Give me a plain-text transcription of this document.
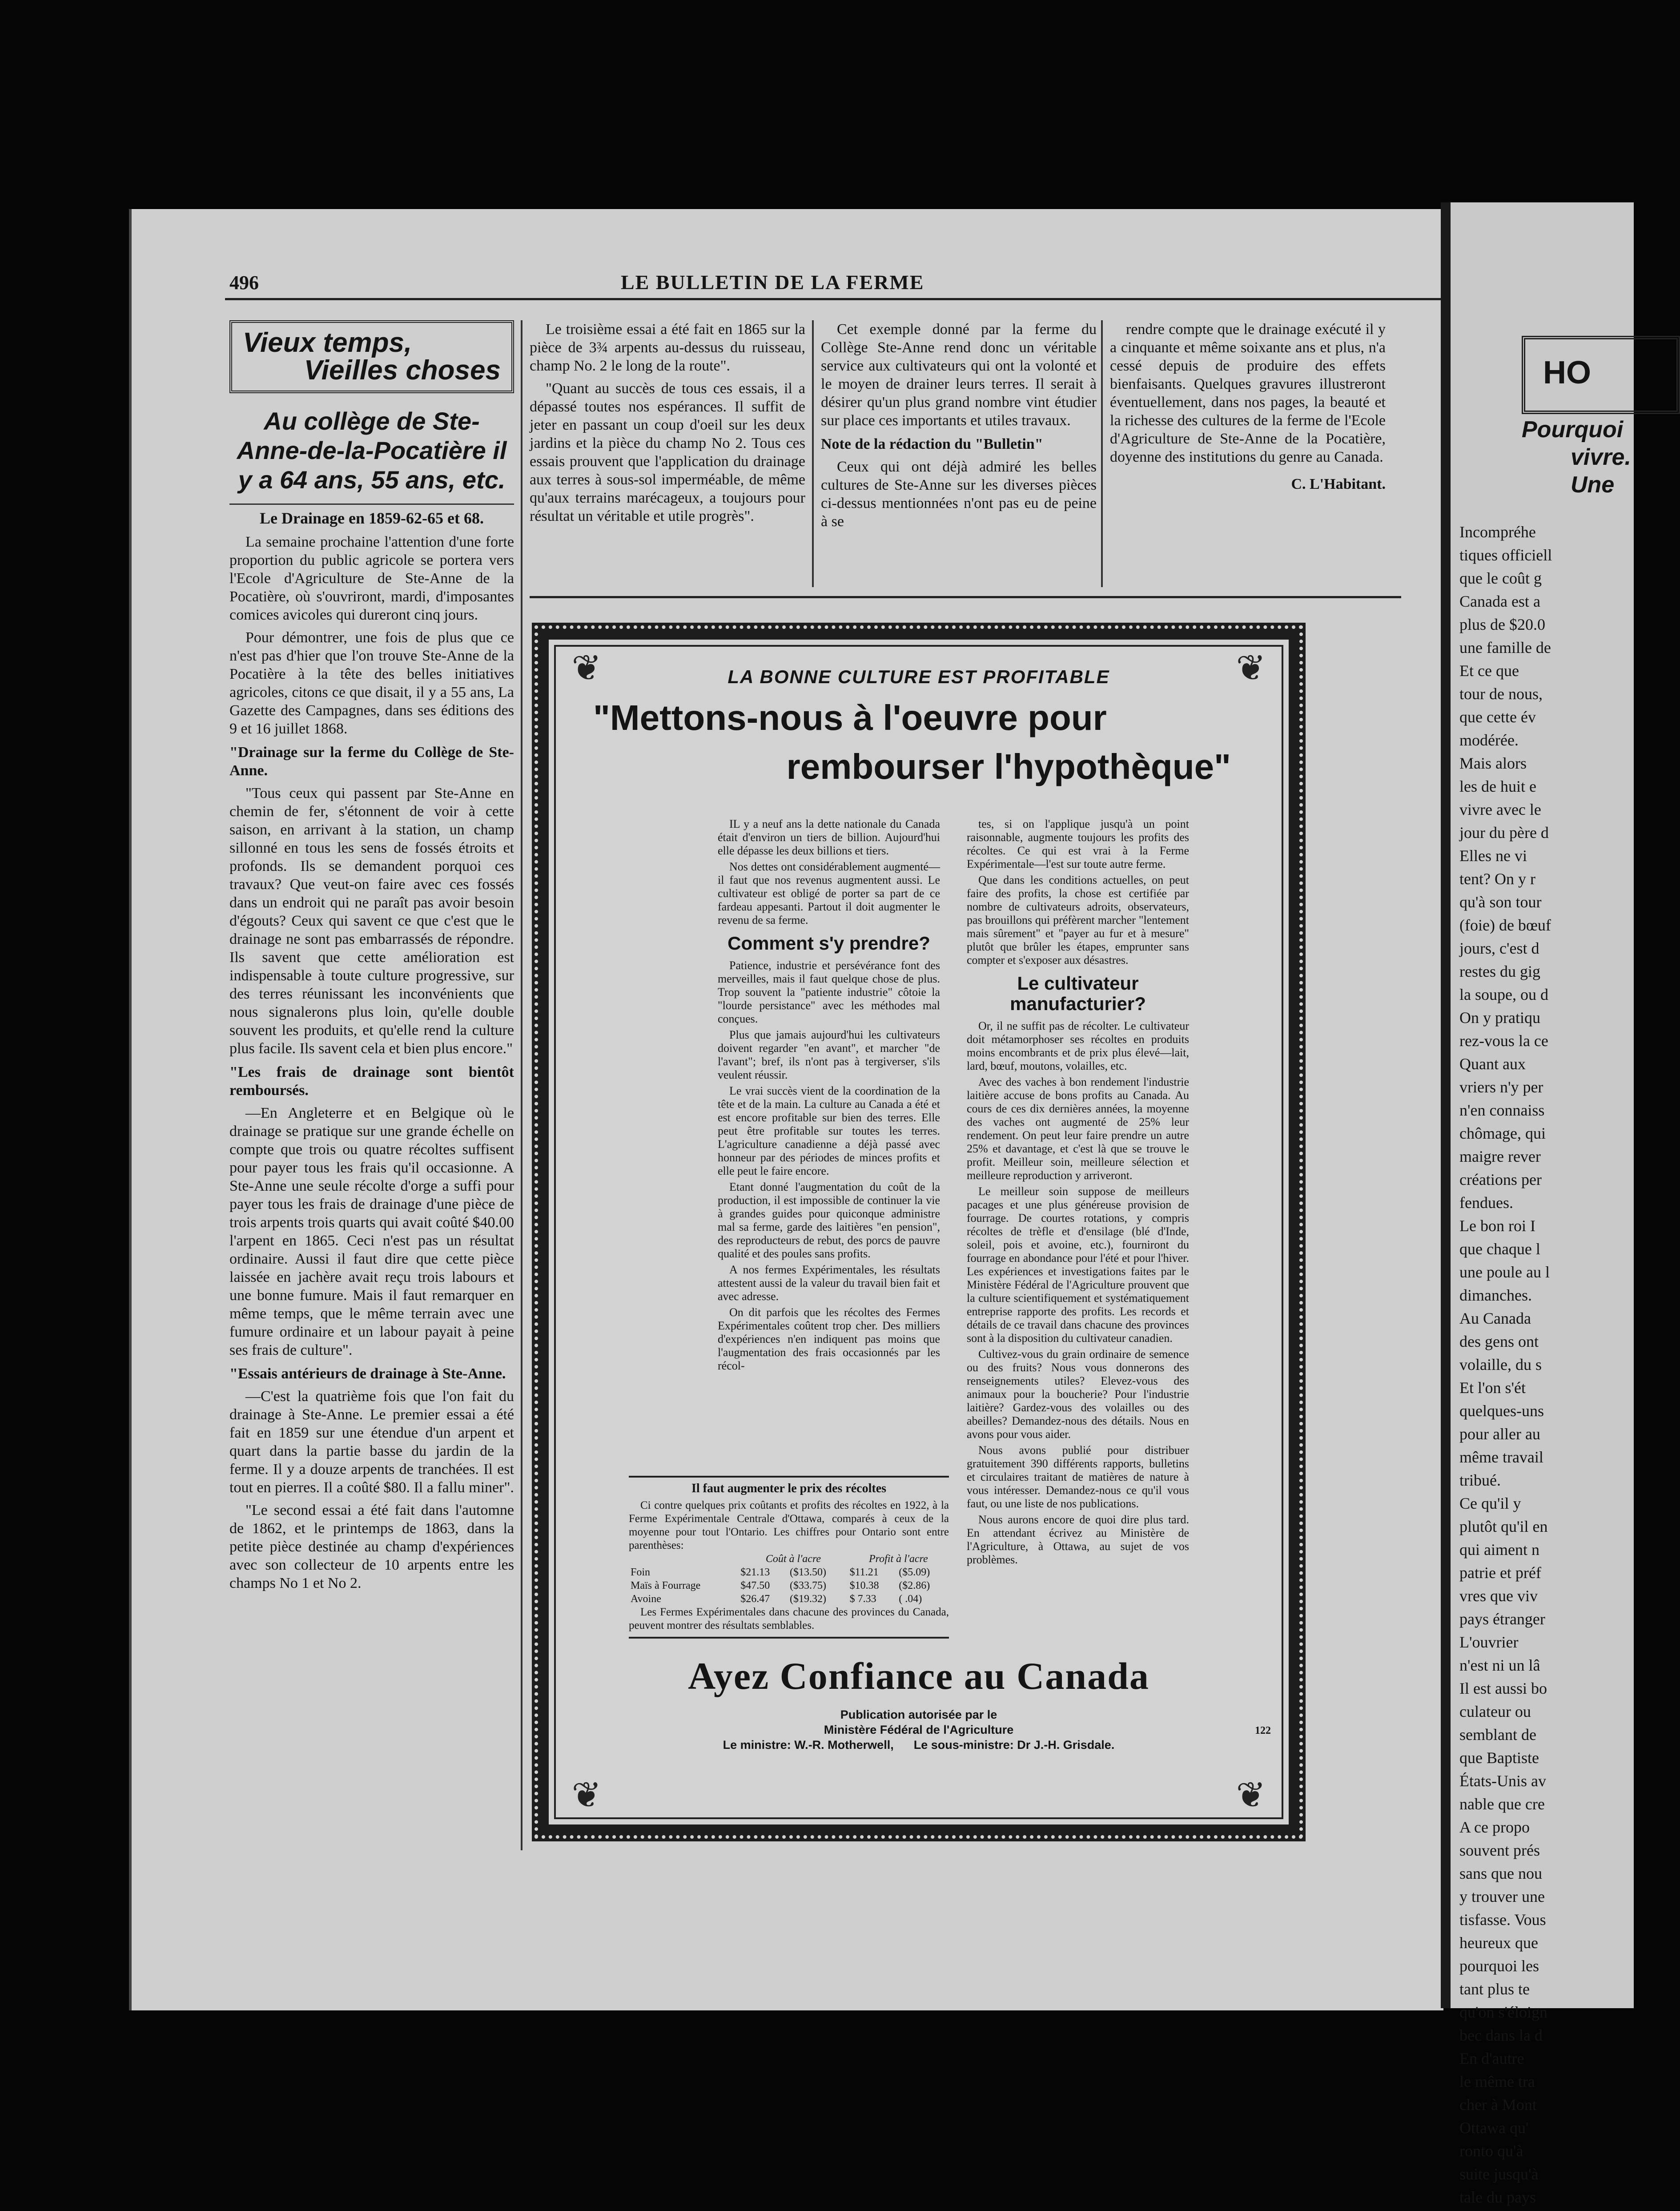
496	LE BULLETIN DE LA FERME
Vieux temps,
Vieilles choses
Au collège de Ste-Anne-de-la-Pocatière il y a 64 ans, 55 ans, etc.
Le Drainage en 1859-62-65 et 68.

La semaine prochaine l'attention d'une forte proportion du public agricole se portera vers l'Ecole d'Agriculture de Ste-Anne de la Pocatière, où s'ouvriront, mardi, d'imposantes comices avicoles qui dureront cinq jours.

Pour démontrer, une fois de plus que ce n'est pas d'hier que l'on trouve Ste-Anne de la Pocatière à la tête des belles initiatives agricoles, citons ce que disait, il y a 55 ans, La Gazette des Campagnes, dans ses éditions des 9 et 16 juillet 1868.

"Drainage sur la ferme du Collège de Ste-Anne.

"Tous ceux qui passent par Ste-Anne en chemin de fer, s'étonnent de voir à cette saison, en arrivant à la station, un champ sillonné en tous les sens de fossés étroits et profonds. Ils se demandent porquoi ces travaux? Que veut-on faire avec ces fossés dans un endroit qui ne paraît pas avoir besoin d'égouts? Ceux qui savent ce que c'est que le drainage ne sont pas embarrassés de répondre. Ils savent que cette amélioration est indispensable à toute culture progressive, sur des terres réunissant les inconvénients que nous signalerons plus loin, qu'elle double souvent les produits, et qu'elle rend la culture plus facile. Ils savent cela et bien plus encore."

"Les frais de drainage sont bientôt remboursés.

—En Angleterre et en Belgique où le drainage se pratique sur une grande échelle on compte que trois ou quatre récoltes suffisent pour payer tous les frais qu'il occasionne. A Ste-Anne une seule récolte d'orge a suffi pour payer tous les frais de drainage d'une pièce de trois arpents trois quarts qui avait coûté $40.00 l'arpent en 1865. Ceci n'est pas un résultat ordinaire. Aussi il faut dire que cette pièce laissée en jachère avait reçu trois labours et une bonne fumure. Mais il faut remarquer en même temps, que le même terrain avec une fumure ordinaire et un labour payait à peine ses frais de culture".

"Essais antérieurs de drainage à Ste-Anne.

—C'est la quatrième fois que l'on fait du drainage à Ste-Anne. Le premier essai a été fait en 1859 sur une étendue d'un arpent et quart dans la partie basse du jardin de la ferme. Il y a douze arpents de tranchées. Il est tout en pierres. Il a coûté $80. Il a fallu miner".

"Le second essai a été fait dans l'automne de 1862, et le printemps de 1863, dans la petite pièce destinée au champ d'expériences avec son collecteur de 10 arpents entre les champs No 1 et No 2.

Le troisième essai a été fait en 1865 sur la pièce de 3¾ arpents au-dessus du ruisseau, champ No. 2 le long de la route".

"Quant au succès de tous ces essais, il a dépassé toutes nos espérances. Il suffit de jeter en passant un coup d'oeil sur les deux jardins et la pièce du champ No 2. Tous ces essais prouvent que l'application du drainage aux terres à sous-sol imperméable, de même qu'aux terrains marécageux, a toujours pour résultat un véritable et utile progrès".

Cet exemple donné par la ferme du Collège Ste-Anne rend donc un véritable service aux cultivateurs qui ont la volonté et le moyen de drainer leurs terres. Il serait à désirer qu'un plus grand nombre vint étudier sur place ces importants et utiles travaux.

Note de la rédaction du "Bulletin"

Ceux qui ont déjà admiré les belles cultures de Ste-Anne sur les diverses pièces ci-dessus mentionnées n'ont pas eu de peine à se

rendre compte que le drainage exécuté il y a cinquante et même soixante ans et plus, n'a cessé depuis de produire des effets bienfaisants. Quelques gravures illustreront éventuellement, dans nos pages, la beauté et la richesse des cultures de la ferme de l'Ecole d'Agriculture de Ste-Anne de la Pocatière, doyenne des institutions du genre au Canada.

C. L'Habitant.
❦	❦
❦	❦
LA BONNE CULTURE EST PROFITABLE
"Mettons-nous à l'oeuvre pour
rembourser l'hypothèque"

IL y a neuf ans la dette nationale du Canada était d'environ un tiers de billion. Aujourd'hui elle dépasse les deux billions et tiers.

Nos dettes ont considérablement augmenté—il faut que nos revenus augmentent aussi. Le cultivateur est obligé de porter sa part de ce fardeau appesanti. Partout il doit augmenter le revenu de sa ferme.

Comment s'y prendre?

Patience, industrie et persévérance font des merveilles, mais il faut quelque chose de plus. Trop souvent la "patiente industrie" côtoie la "lourde persistance" avec les méthodes mal conçues.

Plus que jamais aujourd'hui les cultivateurs doivent regarder "en avant", et marcher "de l'avant"; bref, ils n'ont pas à tergiverser, s'ils veulent réussir.

Le vrai succès vient de la coordination de la tête et de la main. La culture au Canada a été et est encore profitable sur bien des terres. Elle peut être profitable sur toutes les terres. L'agriculture canadienne a déjà passé avec honneur par des périodes de minces profits et elle peut le faire encore.

Etant donné l'augmentation du coût de la production, il est impossible de continuer la vie à grandes guides pour quiconque administre mal sa ferme, garde des laitières "en pension", des reproducteurs de rebut, des porcs de pauvre qualité et des poules sans profits.

A nos fermes Expérimentales, les résultats attestent aussi de la valeur du travail bien fait et avec adresse.

On dit parfois que les récoltes des Fermes Expérimentales coûtent trop cher. Des milliers d'expériences n'en indiquent pas moins que l'augmentation des frais occasionnés par les récol-

tes, si on l'applique jusqu'à un point raisonnable, augmente toujours les profits des récoltes. Ce qui est vrai à la Ferme Expérimentale—l'est sur toute autre ferme.

Que dans les conditions actuelles, on peut faire des profits, la chose est certifiée par nombre de cultivateurs adroits, observateurs, pas brouillons qui préfèrent marcher "lentement mais sûrement" et "payer au fur et à mesure" plutôt que brûler les étapes, emprunter sans compter et s'exposer aux désastres.

Le cultivateur manufacturier?

Or, il ne suffit pas de récolter. Le cultivateur doit métamorphoser ses récoltes en produits moins encombrants et de prix plus élevé—lait, lard, bœuf, moutons, volailles, etc.

Avec des vaches à bon rendement l'industrie laitière accuse de bons profits au Canada. Au cours de ces dix dernières années, la moyenne des vaches ont augmenté de 25% leur rendement. On peut leur faire prendre un autre 25% et davantage, et c'est là que se trouve le profit. Meilleur soin, meilleure sélection et meilleure reproduction y arriveront.

Le meilleur soin suppose de meilleurs pacages et une plus généreuse provision de fourrage. De courtes rotations, y compris récoltes de trèfle et d'ensilage (blé d'Inde, soleil, pois et avoine, etc.), fourniront du fourrage en abondance pour l'été et pour l'hiver. Les expériences et investigations faites par le Ministère Fédéral de l'Agriculture prouvent que la culture scientifiquement et systématiquement entreprise rapporte des profits. Les records et détails de ce travail dans chacune des provinces sont à la disposition du cultivateur canadien.

Cultivez-vous du grain ordinaire de semence ou des fruits? Nous vous donnerons des renseignements utiles? Elevez-vous des animaux pour la boucherie? Pour l'industrie laitière? Gardez-vous des volailles ou des abeilles? Demandez-nous des détails. Nous en avons pour vous aider.

Nous avons publié pour distribuer gratuitement 390 différents rapports, bulletins et circulaires traitant de matières de nature à vous intéresser. Demandez-nous ce qu'il vous faut, ou une liste de nos publications.

Nous aurons encore de quoi dire plus tard. En attendant écrivez au Ministère de l'Agriculture, à Ottawa, au sujet de vos problèmes.

Il faut augmenter le prix des récoltes
Ci contre quelques prix coûtants et profits des récoltes en 1922, à la Ferme Expérimentale Centrale d'Ottawa, comparés à ceux de la moyenne pour tout l'Ontario. Les chiffres pour Ontario sont entre parenthèses:
	Coût à l'acre		Profit à l'acre	
Foin	$21.13	($13.50)	$11.21	($5.09)
Maïs à Fourrage	$47.50	($33.75)	$10.38	($2.86)
Avoine	$26.47	($19.32)	$ 7.33	( .04)
Les Fermes Expérimentales dans chacune des provinces du Canada, peuvent montrer des résultats semblables.
Ayez Confiance au Canada
Publication autorisée par le
Ministère Fédéral de l'Agriculture
Le ministre: W.-R. Motherwell,      Le sous-ministre: Dr J.-H. Grisdale.
122
HO
Pourquoi
vivre.
Une

Incompréhe

tiques officiell

que le coût g

Canada est a

plus de $20.0

une famille de

Et ce que

tour de nous,

que cette év

modérée.

Mais alors

les de huit e

vivre avec le

jour du père d

Elles ne vi

tent? On y r

qu'à son tour

(foie) de bœuf

jours, c'est d

restes du gig

la soupe, ou d

On y pratiqu

rez-vous la ce

Quant aux

vriers n'y per

n'en connaiss

chômage, qui

maigre rever

créations per

fendues.

Le bon roi I

que chaque l

une poule au l

dimanches.

Au Canada

des gens ont

volaille, du s

Et l'on s'ét

quelques-uns

pour aller au

même travail

tribué.

Ce qu'il y

plutôt qu'il en

qui aiment n

patrie et préf

vres que viv

pays étranger

L'ouvrier

n'est ni un lâ

Il est aussi bo

culateur ou

semblant de

que Baptiste

États-Unis av

nable que cre

A ce propo

souvent prés

sans que nou

y trouver une

tisfasse. Vous

heureux que

pourquoi les

tant plus te

qu'on s'éloign

bec dans la d

En d'autre

le même tra

cher à Mont

Ottawa qu'

ronto qu'à

suite jusqu'à

tale du pays
